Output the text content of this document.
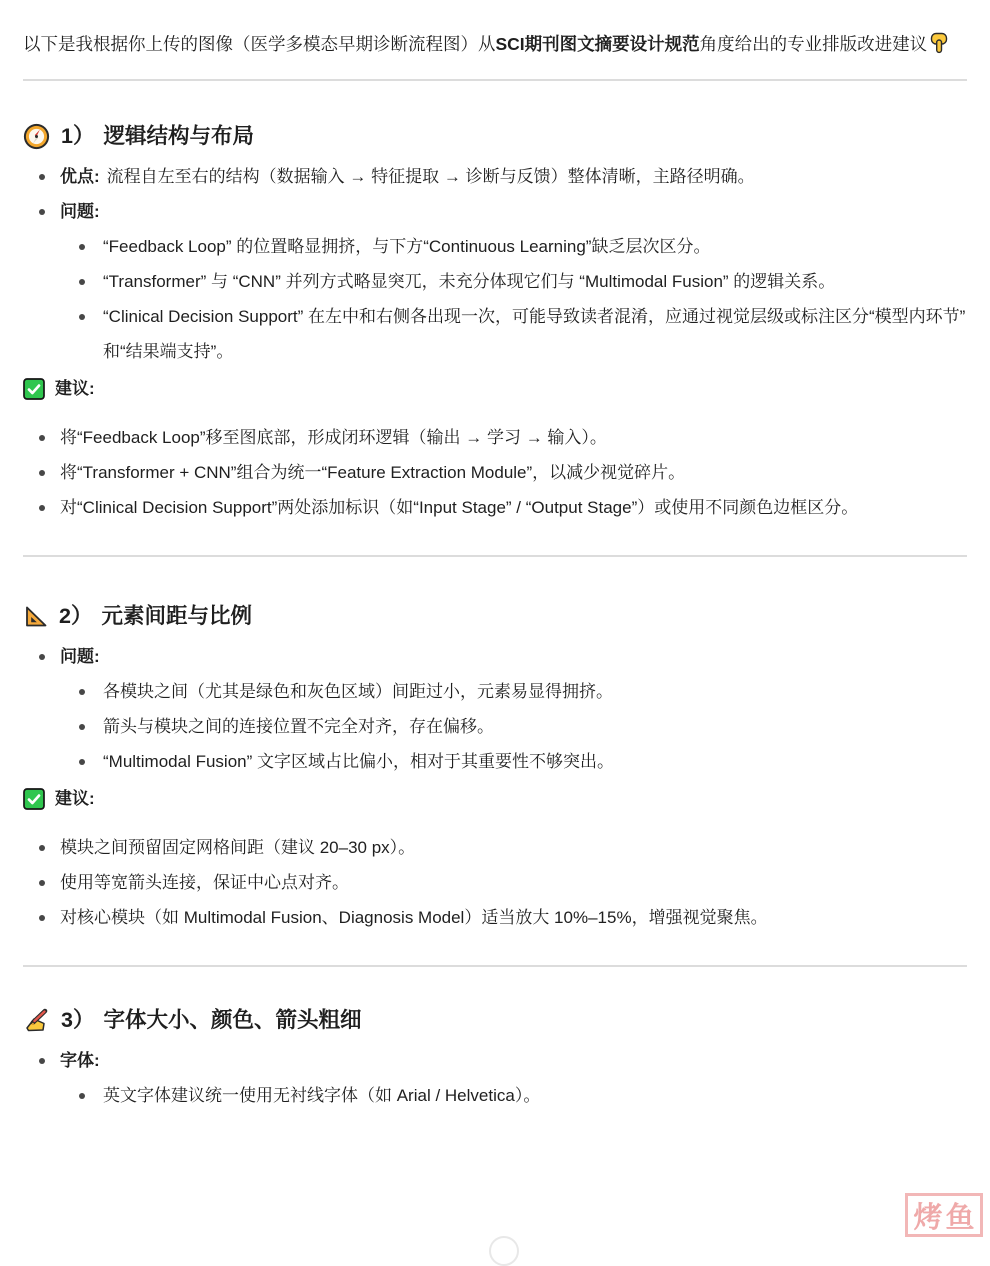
以下是我根据你上传的图像（医学多模态早期诊断流程图）从SCI期刊图文摘要设计规范角度给出的专业排版改进建议

1） 逻辑结构与布局
优点: 流程自左至右的结构（数据输入 → 特征提取 → 诊断与反馈）整体清晰，主路径明确。
问题:
“Feedback Loop” 的位置略显拥挤，与下方“Continuous Learning”缺乏层次区分。
“Transformer” 与 “CNN” 并列方式略显突兀，未充分体现它们与 “Multimodal Fusion” 的逻辑关系。
“Clinical Decision Support” 在左中和右侧各出现一次，可能导致读者混淆，应通过视觉层级或标注区分“模型内环节”和“结果端支持”。

建议:

将“Feedback Loop”移至图底部，形成闭环逻辑（输出 → 学习 → 输入）。
将“Transformer + CNN”组合为统一“Feature Extraction Module”，以减少视觉碎片。
对“Clinical Decision Support”两处添加标识（如“Input Stage” / “Output Stage”）或使用不同颜色边框区分。
2） 元素间距与比例
问题:
各模块之间（尤其是绿色和灰色区域）间距过小，元素易显得拥挤。
箭头与模块之间的连接位置不完全对齐，存在偏移。
“Multimodal Fusion” 文字区域占比偏小，相对于其重要性不够突出。

建议:

模块之间预留固定网格间距（建议 20–30 px）。
使用等宽箭头连接，保证中心点对齐。
对核心模块（如 Multimodal Fusion、Diagnosis Model）适当放大 10%–15%，增强视觉聚焦。
3） 字体大小、颜色、箭头粗细
字体:
英文字体建议统一使用无衬线字体（如 Arial / Helvetica）。
烤鱼
